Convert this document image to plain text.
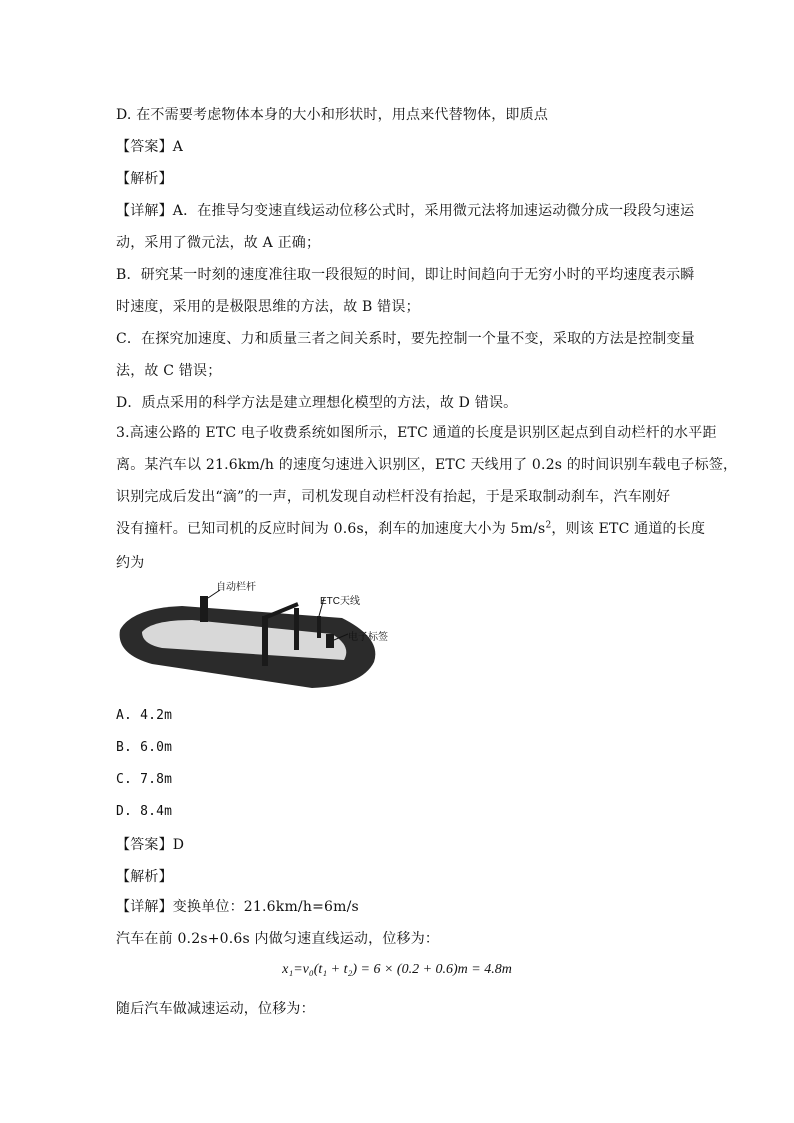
D. 在不需要考虑物体本身的大小和形状时，用点来代替物体，即质点
【答案】A
【解析】
【详解】A．在推导匀变速直线运动位移公式时，采用微元法将加速运动微分成一段段匀速运
动，采用了微元法，故 A 正确；
B．研究某一时刻的速度准往取一段很短的时间，即让时间趋向于无穷小时的平均速度表示瞬
时速度，采用的是极限思维的方法，故 B 错误；
C．在探究加速度、力和质量三者之间关系时，要先控制一个量不变，采取的方法是控制变量
法，故 C 错误；
D．质点采用的科学方法是建立理想化模型的方法，故 D 错误。
3.高速公路的 ETC 电子收费系统如图所示，ETC 通道的长度是识别区起点到自动栏杆的水平距
离。某汽车以 21.6km/h 的速度匀速进入识别区，ETC 天线用了 0.2s 的时间识别车载电子标签，
识别完成后发出“滴”的一声，司机发现自动栏杆没有抬起，于是采取制动刹车，汽车刚好
没有撞杆。已知司机的反应时间为 0.6s，刹车的加速度大小为 $5m/s^2$，则该 ETC 通道的长度
约为
自动栏杆
ETC天线
电子标签
A. 4.2m
B. 6.0m
C. 7.8m
D. 8.4m
【答案】D
【解析】
【详解】变换单位：21.6km/h=6m/s
汽车在前 0.2s+0.6s 内做匀速直线运动，位移为：
x₁=v₀(t₁ + t₂) = 6 × (0.2 + 0.6)m = 4.8m
随后汽车做减速运动，位移为：
